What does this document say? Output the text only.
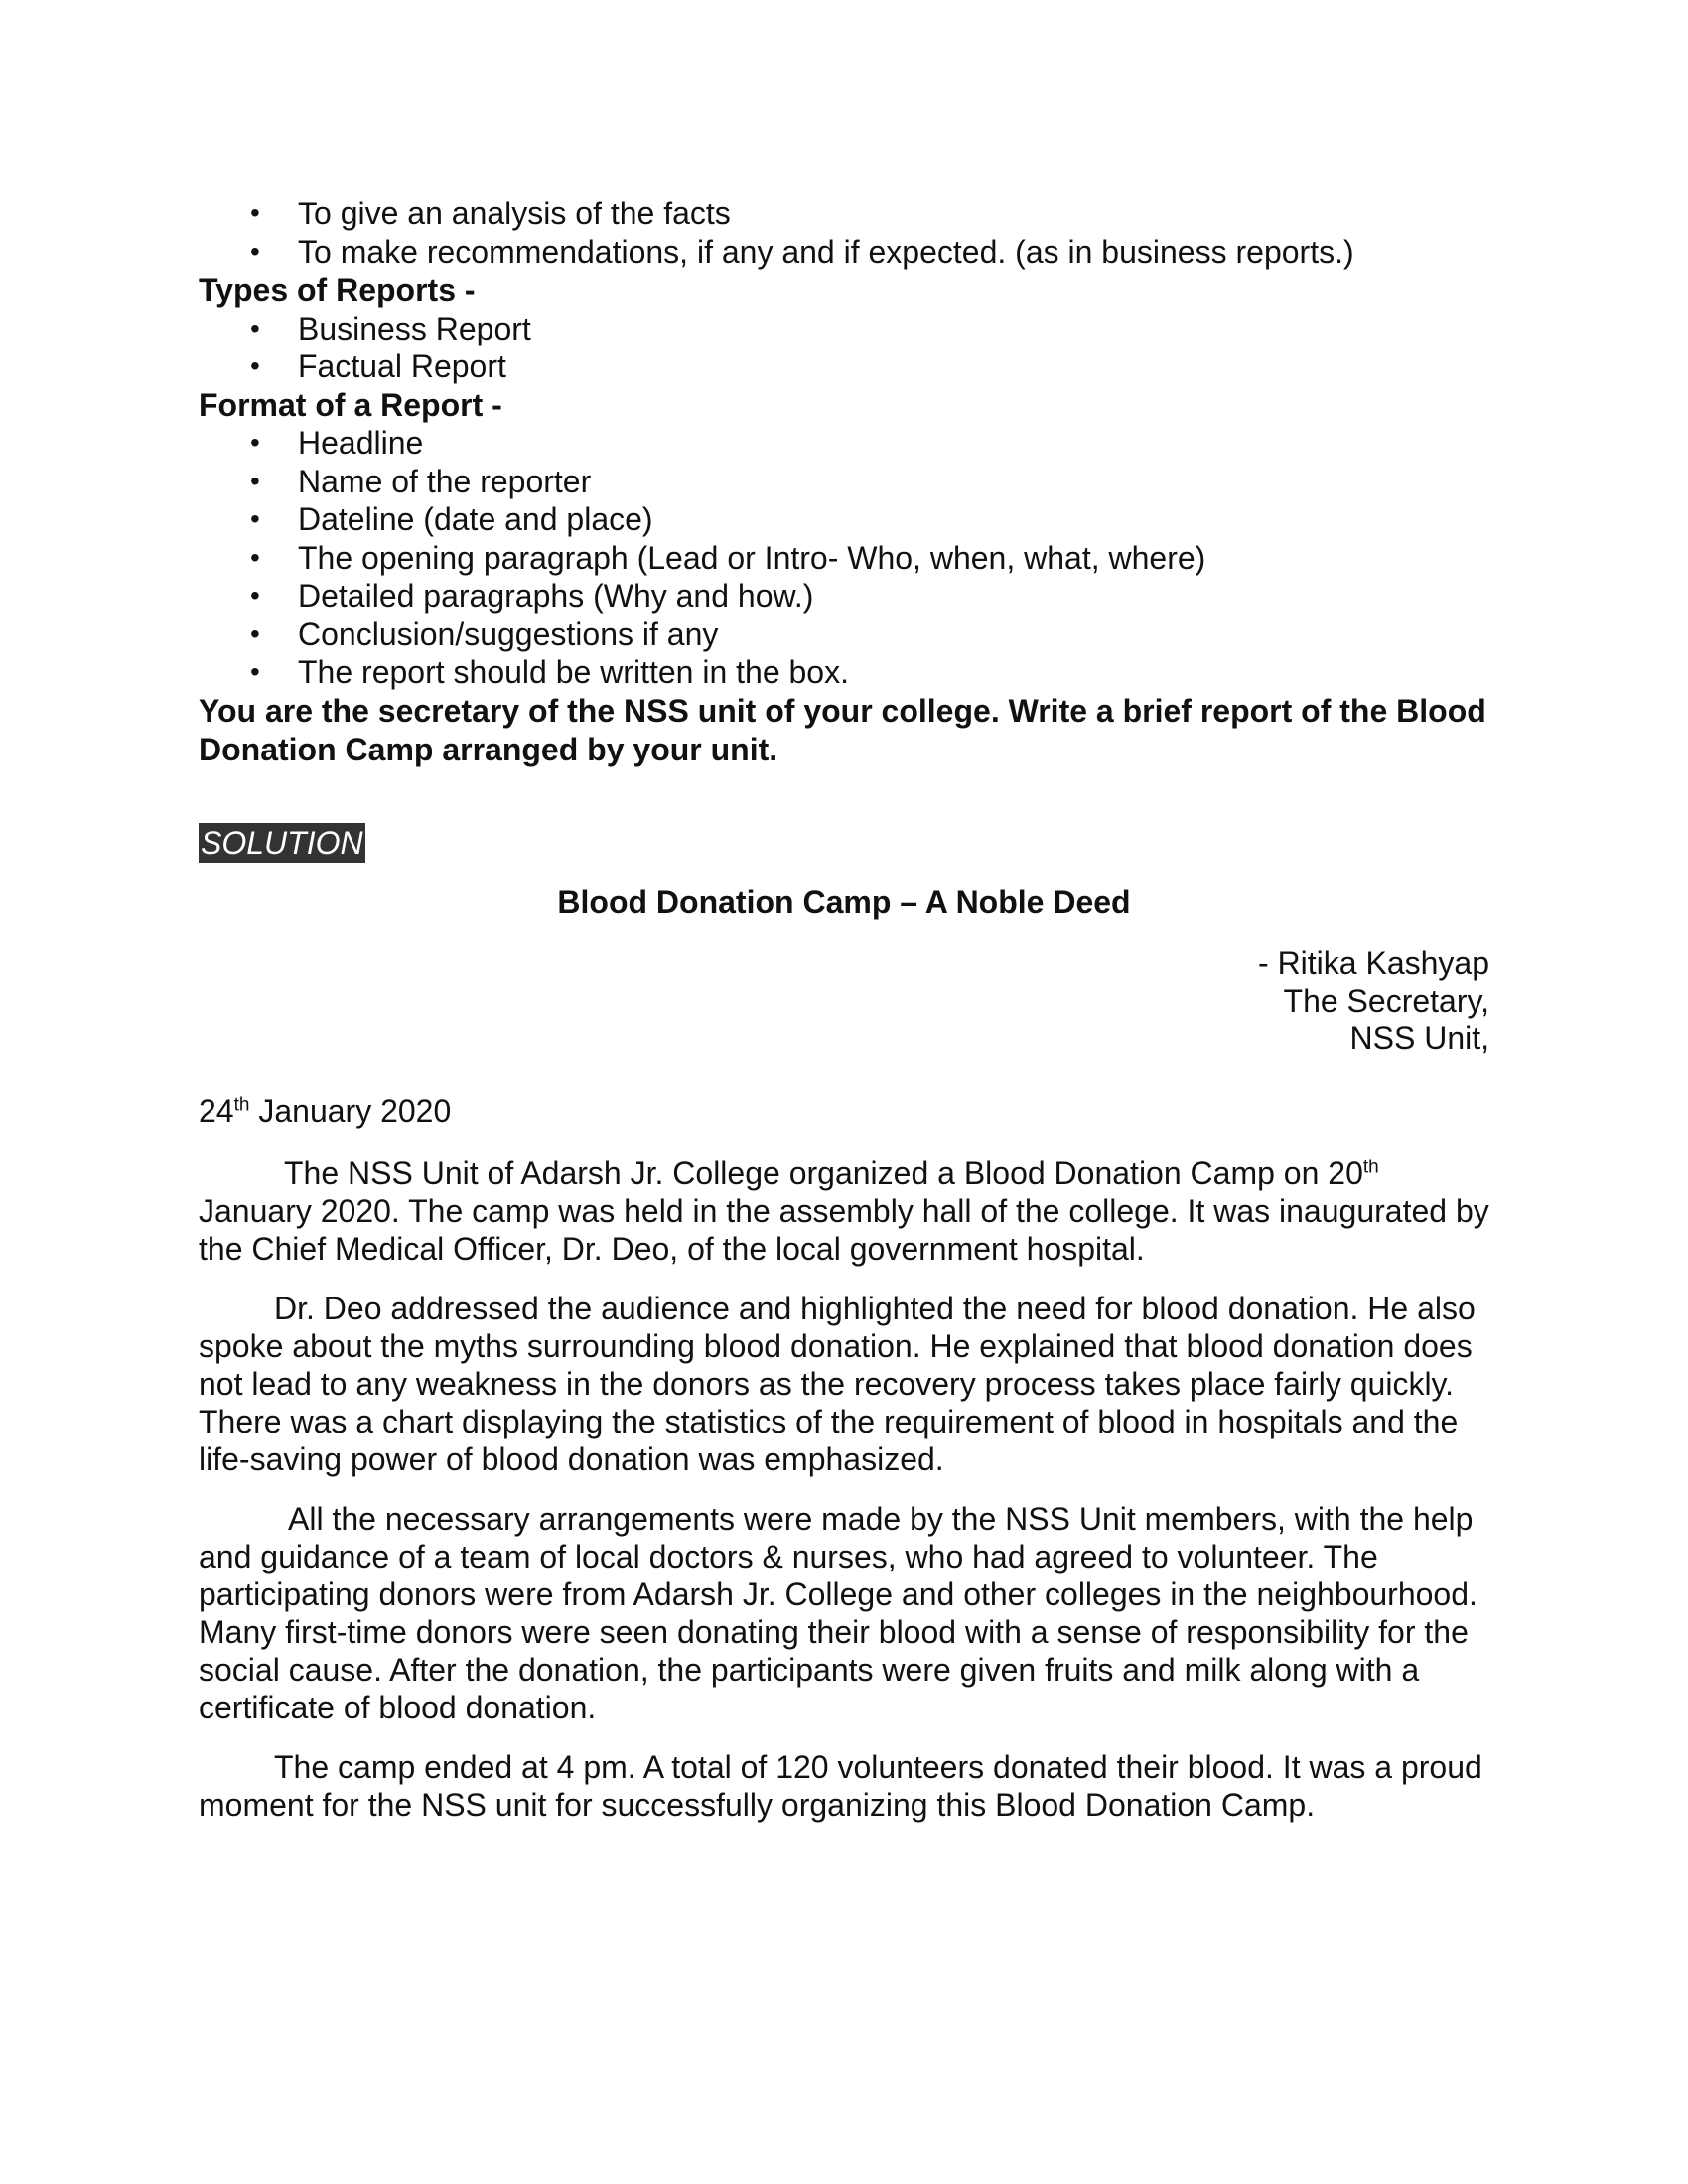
• To give an analysis of the facts
• To make recommendations, if any and if expected. (as in business reports.)
Types of Reports -
• Business Report
• Factual Report
Format of a Report -
• Headline
• Name of the reporter
• Dateline (date and place)
• The opening paragraph (Lead or Intro- Who, when, what, where)
• Detailed paragraphs (Why and how.)
• Conclusion/suggestions if any
• The report should be written in the box.

You are the secretary of the NSS unit of your college. Write a brief report of the Blood Donation Camp arranged by your unit.

SOLUTION
Blood Donation Camp – A Noble Deed
- Ritika Kashyap
The Secretary,
NSS Unit,
24th January 2020

The NSS Unit of Adarsh Jr. College organized a Blood Donation Camp on 20th January 2020. The camp was held in the assembly hall of the college. It was inaugurated by the Chief Medical Officer, Dr. Deo, of the local government hospital.

Dr. Deo addressed the audience and highlighted the need for blood donation. He also spoke about the myths surrounding blood donation. He explained that blood donation does not lead to any weakness in the donors as the recovery process takes place fairly quickly. There was a chart displaying the statistics of the requirement of blood in hospitals and the life-saving power of blood donation was emphasized.

All the necessary arrangements were made by the NSS Unit members, with the help and guidance of a team of local doctors & nurses, who had agreed to volunteer. The participating donors were from Adarsh Jr. College and other colleges in the neighbourhood. Many first-time donors were seen donating their blood with a sense of responsibility for the social cause. After the donation, the participants were given fruits and milk along with a certificate of blood donation.

The camp ended at 4 pm. A total of 120 volunteers donated their blood. It was a proud moment for the NSS unit for successfully organizing this Blood Donation Camp.
